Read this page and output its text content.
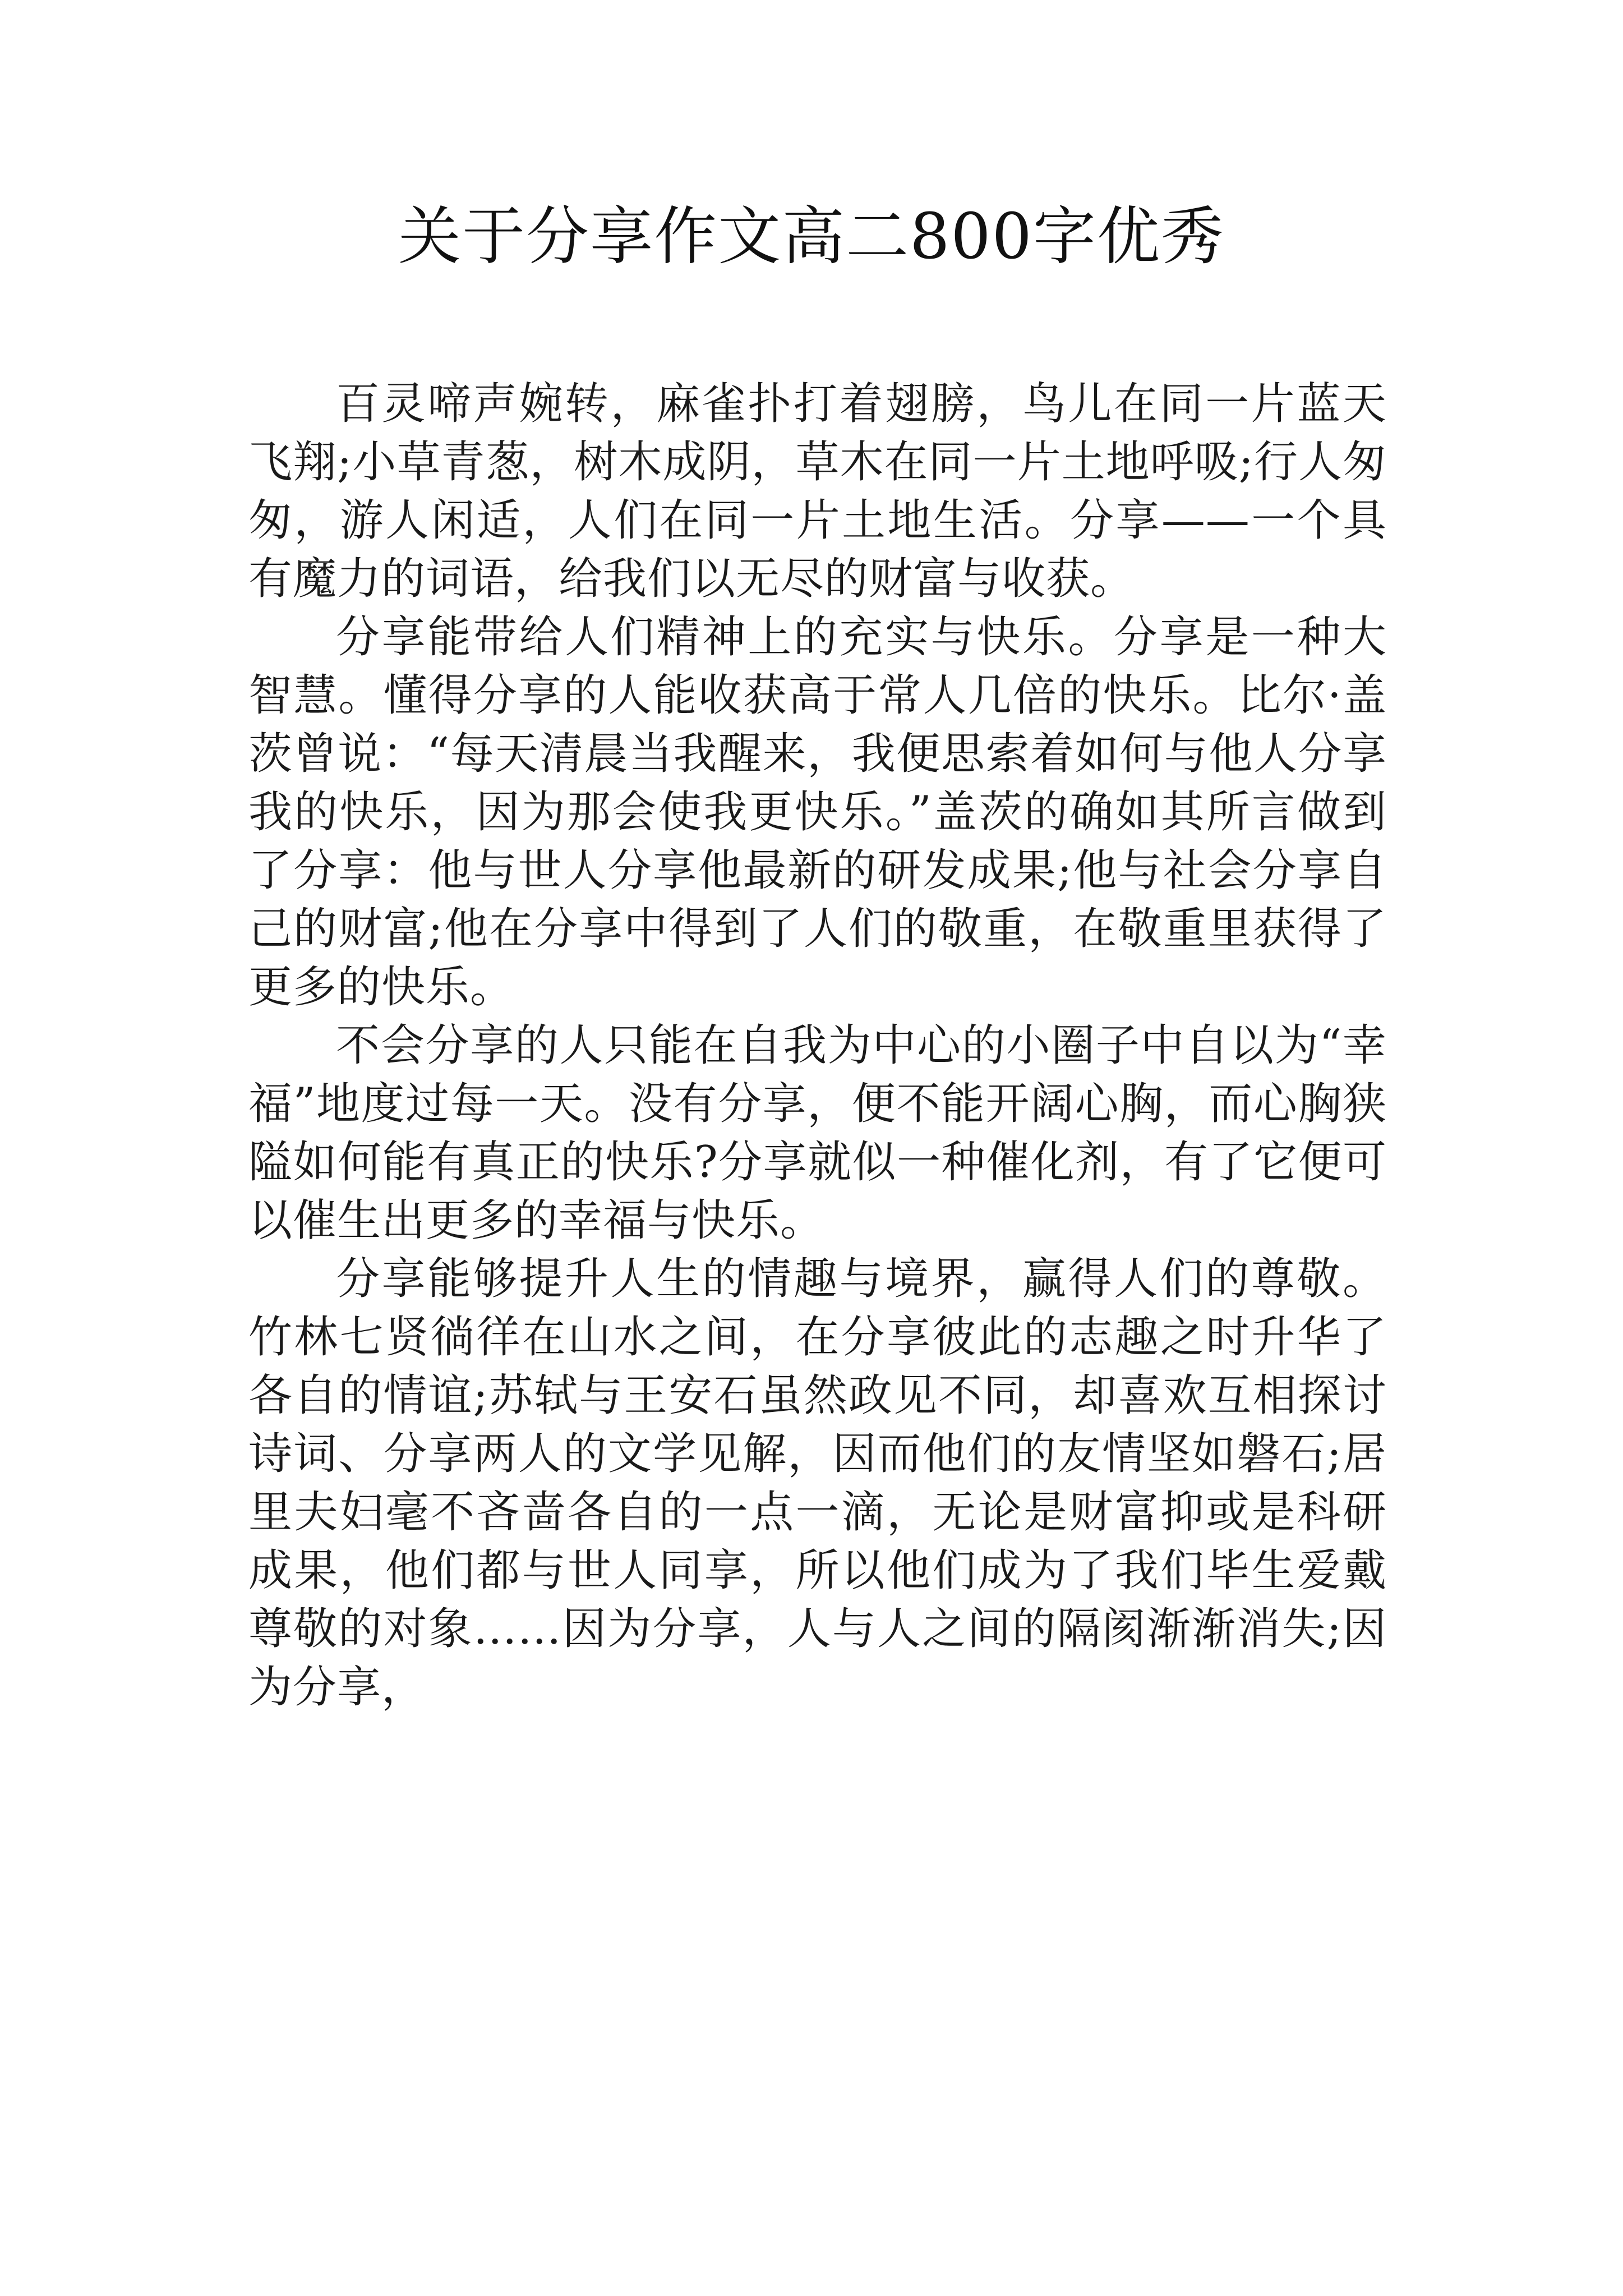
关于分享作文高二800字优秀

百灵啼声婉转，麻雀扑打着翅膀，鸟儿在同一片蓝天飞翔;小草青葱，树木成阴，草木在同一片土地呼吸;行人匆匆，游人闲适，人们在同一片土地生活。分享——一个具有魔力的词语，给我们以无尽的财富与收获。

分享能带给人们精神上的充实与快乐。分享是一种大智慧。懂得分享的人能收获高于常人几倍的快乐。比尔·盖茨曾说：“每天清晨当我醒来，我便思索着如何与他人分享我的快乐，因为那会使我更快乐。”盖茨的确如其所言做到了分享：他与世人分享他最新的研发成果;他与社会分享自己的财富;他在分享中得到了人们的敬重，在敬重里获得了更多的快乐。

不会分享的人只能在自我为中心的小圈子中自以为“幸福”地度过每一天。没有分享，便不能开阔心胸，而心胸狭隘如何能有真正的快乐?分享就似一种催化剂，有了它便可以催生出更多的幸福与快乐。

分享能够提升人生的情趣与境界，赢得人们的尊敬。竹林七贤徜徉在山水之间，在分享彼此的志趣之时升华了各自的情谊;苏轼与王安石虽然政见不同，却喜欢互相探讨诗词、分享两人的文学见解，因而他们的友情坚如磐石;居里夫妇毫不吝啬各自的一点一滴，无论是财富抑或是科研成果，他们都与世人同享，所以他们成为了我们毕生爱戴尊敬的对象……因为分享，人与人之间的隔阂渐渐消失;因为分享，
